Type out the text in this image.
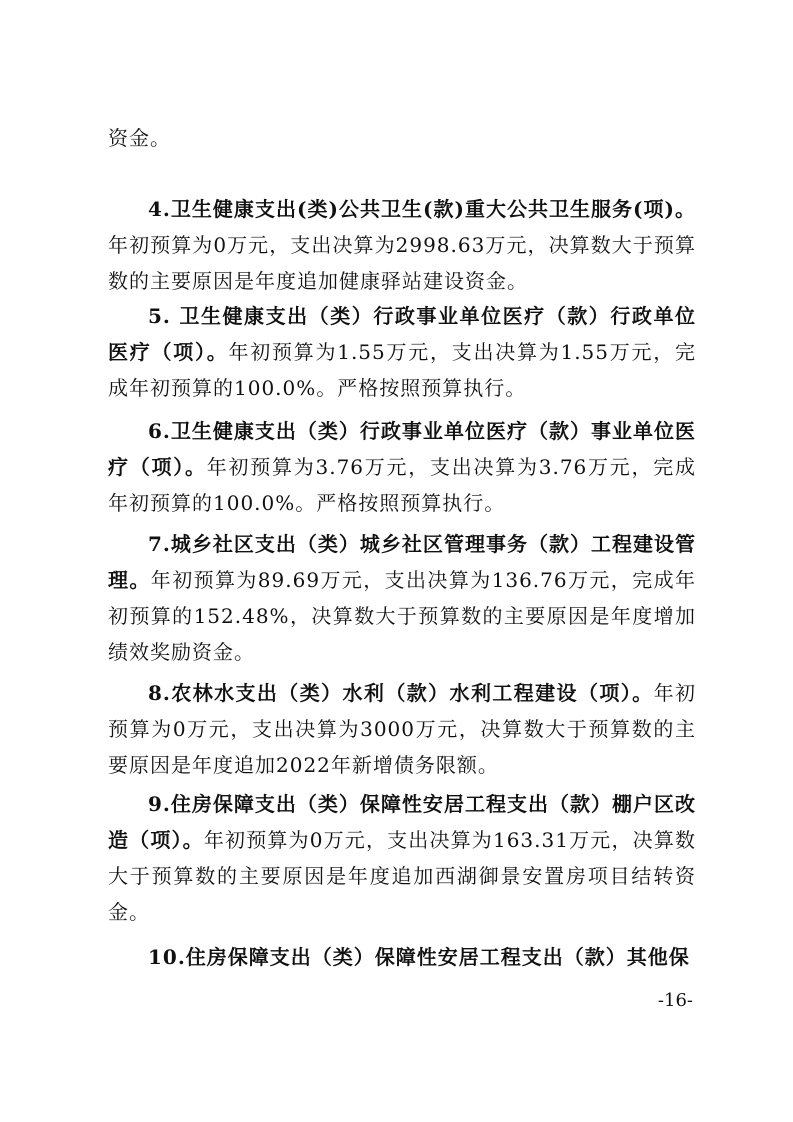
资金。

4.卫生健康支出(类)公共卫生(款)重大公共卫生服务(项)。年初预算为0万元，支出决算为2998.63万元，决算数大于预算数的主要原因是年度追加健康驿站建设资金。

5. 卫生健康支出（类）行政事业单位医疗（款）行政单位医疗（项）。年初预算为1.55万元，支出决算为1.55万元，完成年初预算的100.0%。严格按照预算执行。

6.卫生健康支出（类）行政事业单位医疗（款）事业单位医疗（项）。年初预算为3.76万元，支出决算为3.76万元，完成年初预算的100.0%。严格按照预算执行。

7.城乡社区支出（类）城乡社区管理事务（款）工程建设管理。年初预算为89.69万元，支出决算为136.76万元，完成年初预算的152.48%，决算数大于预算数的主要原因是年度增加绩效奖励资金。

8.农林水支出（类）水利（款）水利工程建设（项）。年初预算为0万元，支出决算为3000万元，决算数大于预算数的主要原因是年度追加2022年新增债务限额。

9.住房保障支出（类）保障性安居工程支出（款）棚户区改造（项）。年初预算为0万元，支出决算为163.31万元，决算数大于预算数的主要原因是年度追加西湖御景安置房项目结转资金。

10.住房保障支出（类）保障性安居工程支出（款）其他保

-16-
